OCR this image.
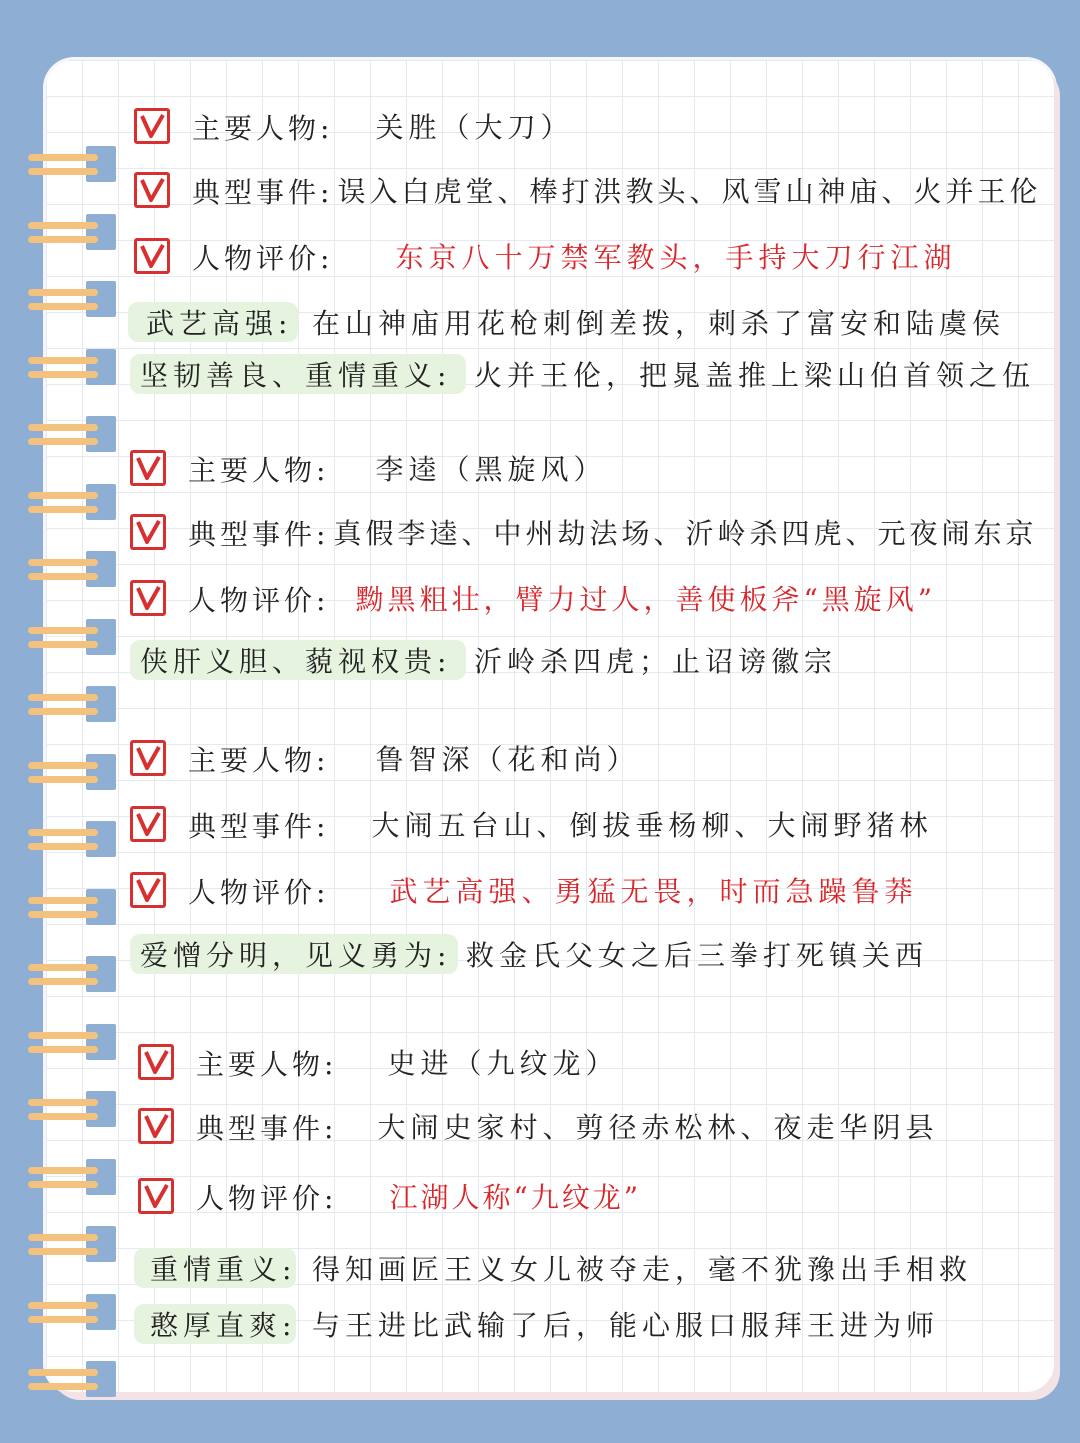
主要人物:	关胜（大刀）
典型事件: 误入白虎堂、棒打洪教头、风雪山神庙、火并王伦
人物评价:	东京八十万禁军教头，手持大刀行江湖
武艺高强: 在山神庙用花枪刺倒差拨，刺杀了富安和陆虞侯
坚韧善良、重情重义: 火并王伦，把晁盖推上梁山伯首领之伍
主要人物:	李逵（黑旋风）
典型事件: 真假李逵、中州劫法场、沂岭杀四虎、元夜闹东京
人物评价: 黝黑粗壮，臂力过人，善使板斧“黑旋风”
侠肝义胆、藐视权贵: 沂岭杀四虎；止诏谤徽宗
主要人物:	鲁智深（花和尚）
典型事件:	大闹五台山、倒拔垂杨柳、大闹野猪林
人物评价:	武艺高强、勇猛无畏，时而急躁鲁莽
爱憎分明，见义勇为: 救金氏父女之后三拳打死镇关西
主要人物:	史进（九纹龙）
典型事件:	大闹史家村、剪径赤松林、夜走华阴县
人物评价:	江湖人称“九纹龙”
重情重义: 得知画匠王义女儿被夺走，毫不犹豫出手相救
憨厚直爽: 与王进比武输了后，能心服口服拜王进为师
